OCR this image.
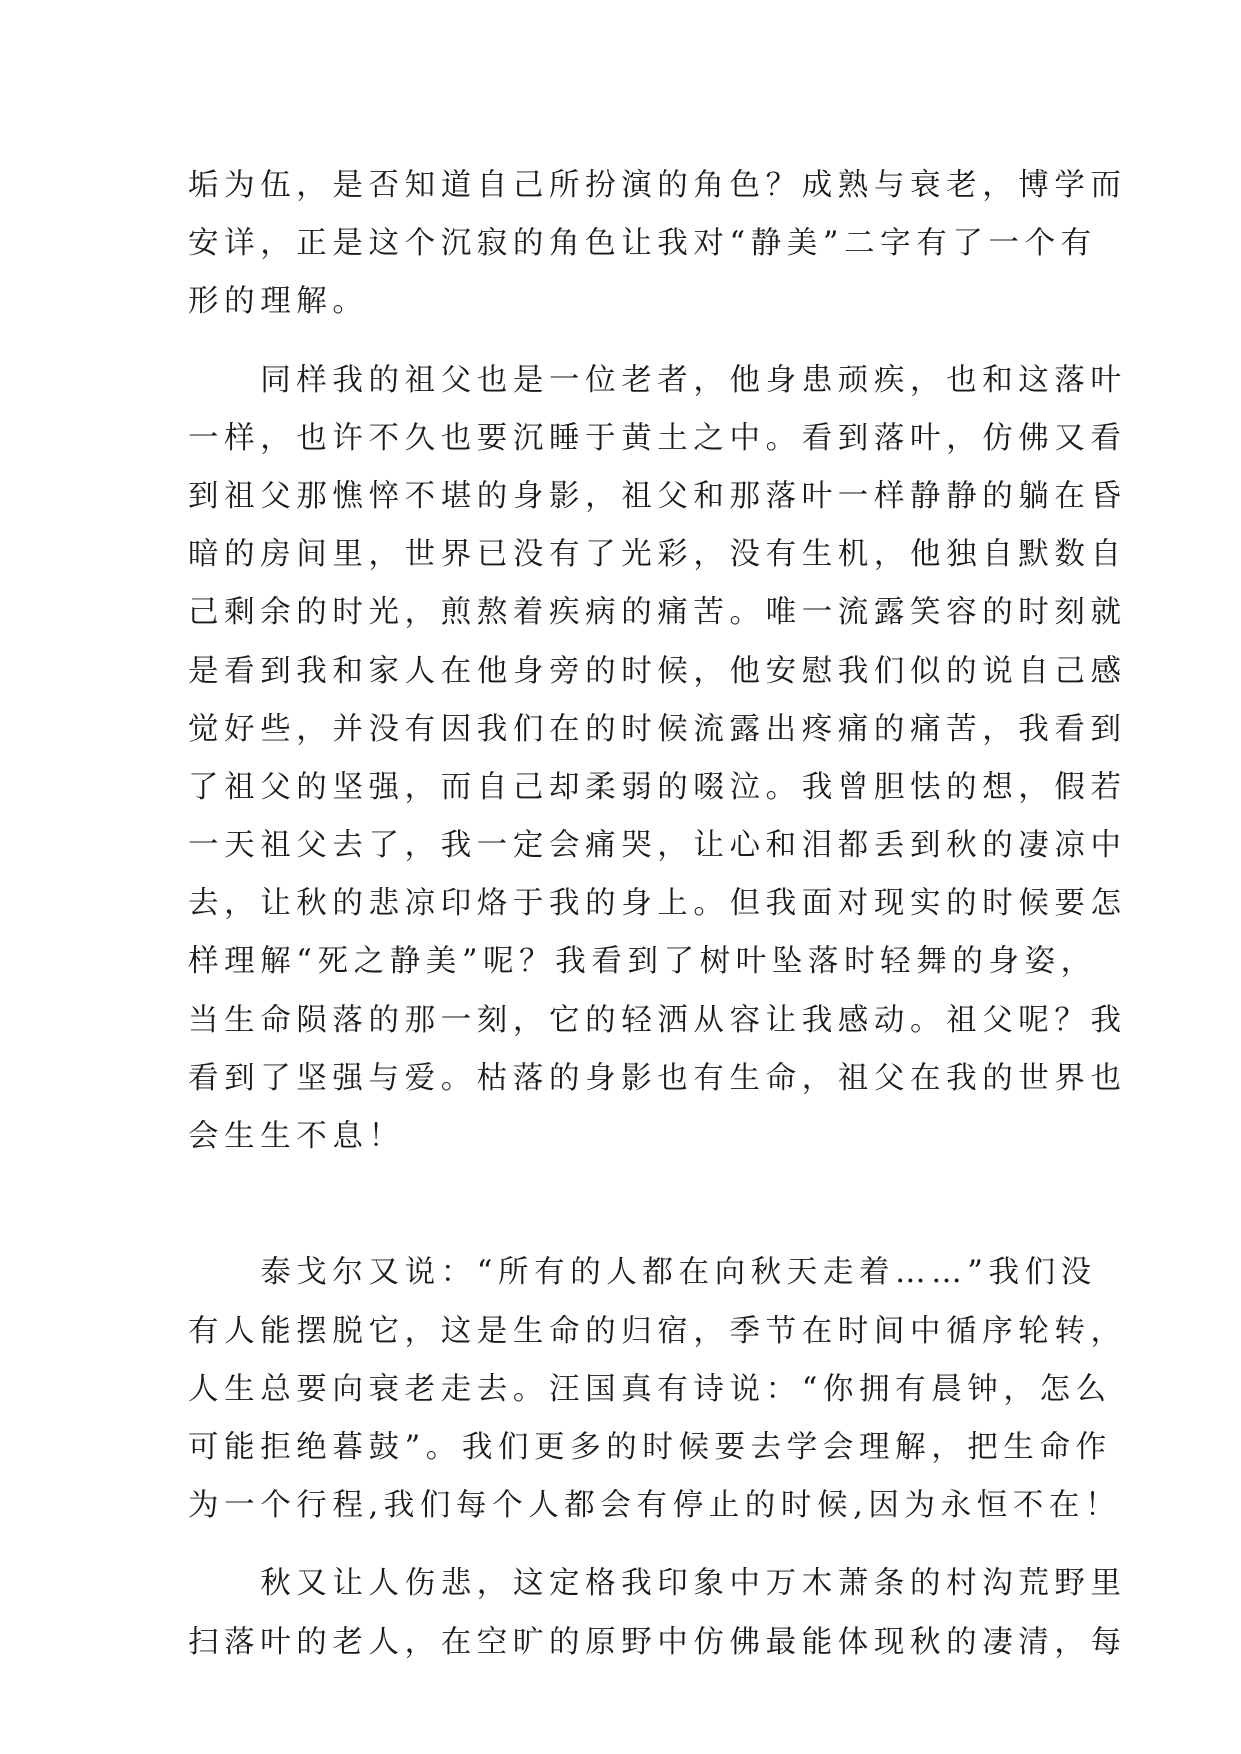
垢为伍，是否知道自己所扮演的角色？成熟与衰老，博学而
安详，正是这个沉寂的角色让我对“静美”二字有了一个有
形的理解。
　　同样我的祖父也是一位老者，他身患顽疾，也和这落叶
一样，也许不久也要沉睡于黄土之中。看到落叶，仿佛又看
到祖父那憔悴不堪的身影，祖父和那落叶一样静静的躺在昏
暗的房间里，世界已没有了光彩，没有生机，他独自默数自
己剩余的时光，煎熬着疾病的痛苦。唯一流露笑容的时刻就
是看到我和家人在他身旁的时候，他安慰我们似的说自己感
觉好些，并没有因我们在的时候流露出疼痛的痛苦，我看到
了祖父的坚强，而自己却柔弱的啜泣。我曾胆怯的想，假若
一天祖父去了，我一定会痛哭，让心和泪都丢到秋的凄凉中
去，让秋的悲凉印烙于我的身上。但我面对现实的时候要怎
样理解“死之静美”呢？我看到了树叶坠落时轻舞的身姿，
当生命陨落的那一刻，它的轻洒从容让我感动。祖父呢？我
看到了坚强与爱。枯落的身影也有生命，祖父在我的世界也
会生生不息！
　　泰戈尔又说：“所有的人都在向秋天走着……”我们没
有人能摆脱它，这是生命的归宿，季节在时间中循序轮转，
人生总要向衰老走去。汪国真有诗说：“你拥有晨钟，怎么
可能拒绝暮鼓”。我们更多的时候要去学会理解，把生命作
为一个行程,我们每个人都会有停止的时候,因为永恒不在！
　　秋又让人伤悲，这定格我印象中万木萧条的村沟荒野里
扫落叶的老人，在空旷的原野中仿佛最能体现秋的凄清，每
